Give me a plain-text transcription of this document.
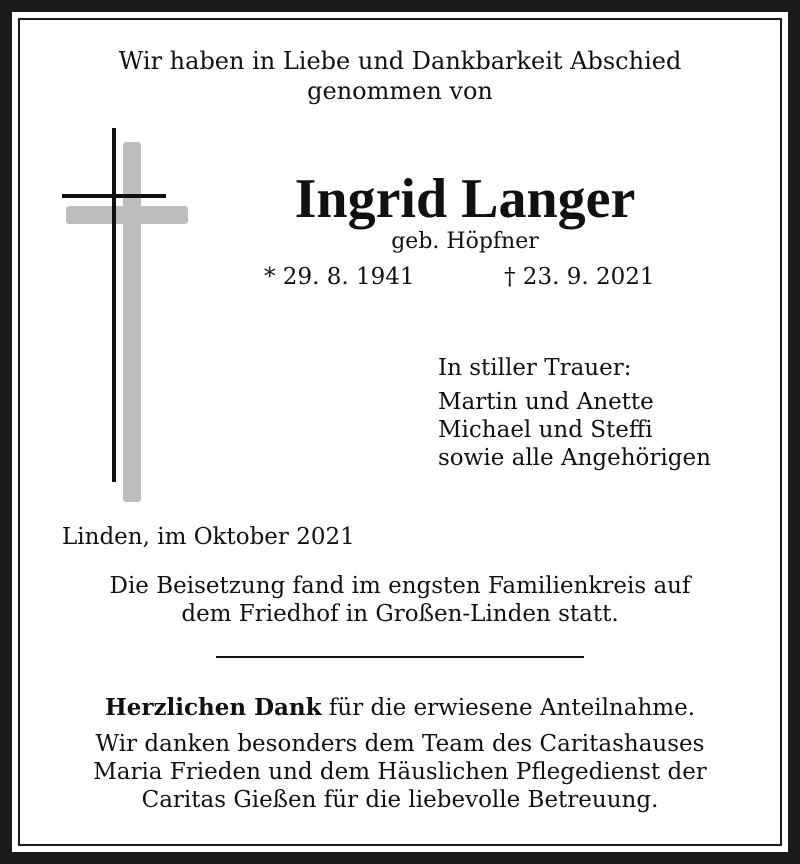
Wir haben in Liebe und Dankbarkeit Abschied
genommen von
Ingrid Langer
geb. Höpfner
* 29. 8. 1941	† 23. 9. 2021
In stiller Trauer:
Martin und Anette
Michael und Steffi
sowie alle Angehörigen
Linden, im Oktober 2021
Die Beisetzung fand im engsten Familienkreis auf
dem Friedhof in Großen-Linden statt.
Herzlichen Dank für die erwiesene Anteilnahme.
Wir danken besonders dem Team des Caritashauses
Maria Frieden und dem Häuslichen Pflegedienst der
Caritas Gießen für die liebevolle Betreuung.
